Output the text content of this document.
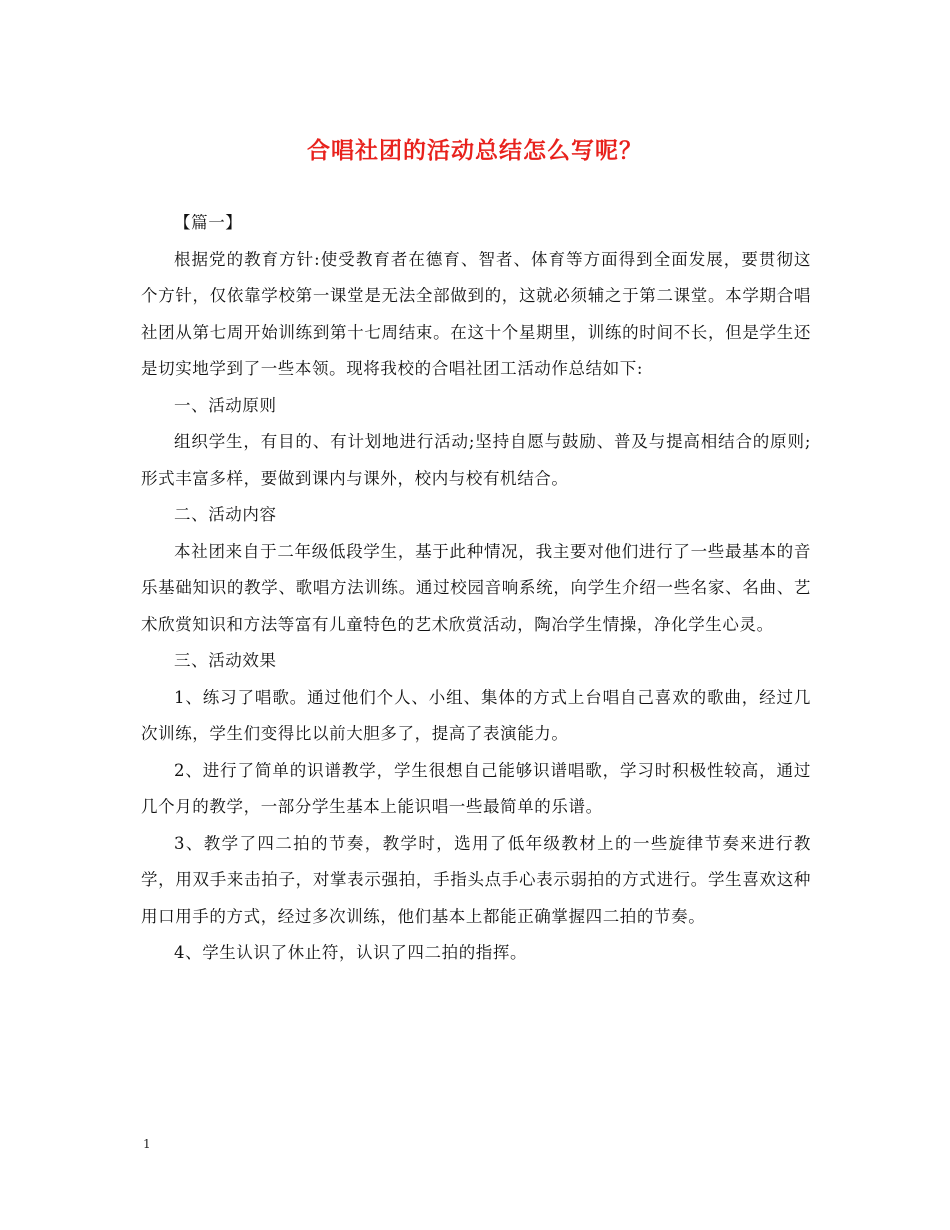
合唱社团的活动总结怎么写呢？

【篇一】

根据党的教育方针:使受教育者在德育、智者、体育等方面得到全面发展，要贯彻这个方针，仅依靠学校第一课堂是无法全部做到的，这就必须辅之于第二课堂。本学期合唱社团从第七周开始训练到第十七周结束。在这十个星期里，训练的时间不长，但是学生还是切实地学到了一些本领。现将我校的合唱社团工活动作总结如下:

一、活动原则

组织学生，有目的、有计划地进行活动;坚持自愿与鼓励、普及与提高相结合的原则;形式丰富多样，要做到课内与课外，校内与校有机结合。

二、活动内容

本社团来自于二年级低段学生，基于此种情况，我主要对他们进行了一些最基本的音乐基础知识的教学、歌唱方法训练。通过校园音响系统，向学生介绍一些名家、名曲、艺术欣赏知识和方法等富有儿童特色的艺术欣赏活动，陶冶学生情操，净化学生心灵。

三、活动效果

1、练习了唱歌。通过他们个人、小组、集体的方式上台唱自己喜欢的歌曲，经过几次训练，学生们变得比以前大胆多了，提高了表演能力。

2、进行了简单的识谱教学，学生很想自己能够识谱唱歌，学习时积极性较高，通过几个月的教学，一部分学生基本上能识唱一些最简单的乐谱。

3、教学了四二拍的节奏，教学时，选用了低年级教材上的一些旋律节奏来进行教学，用双手来击拍子，对掌表示强拍，手指头点手心表示弱拍的方式进行。学生喜欢这种用口用手的方式，经过多次训练，他们基本上都能正确掌握四二拍的节奏。

4、学生认识了休止符，认识了四二拍的指挥。

1
